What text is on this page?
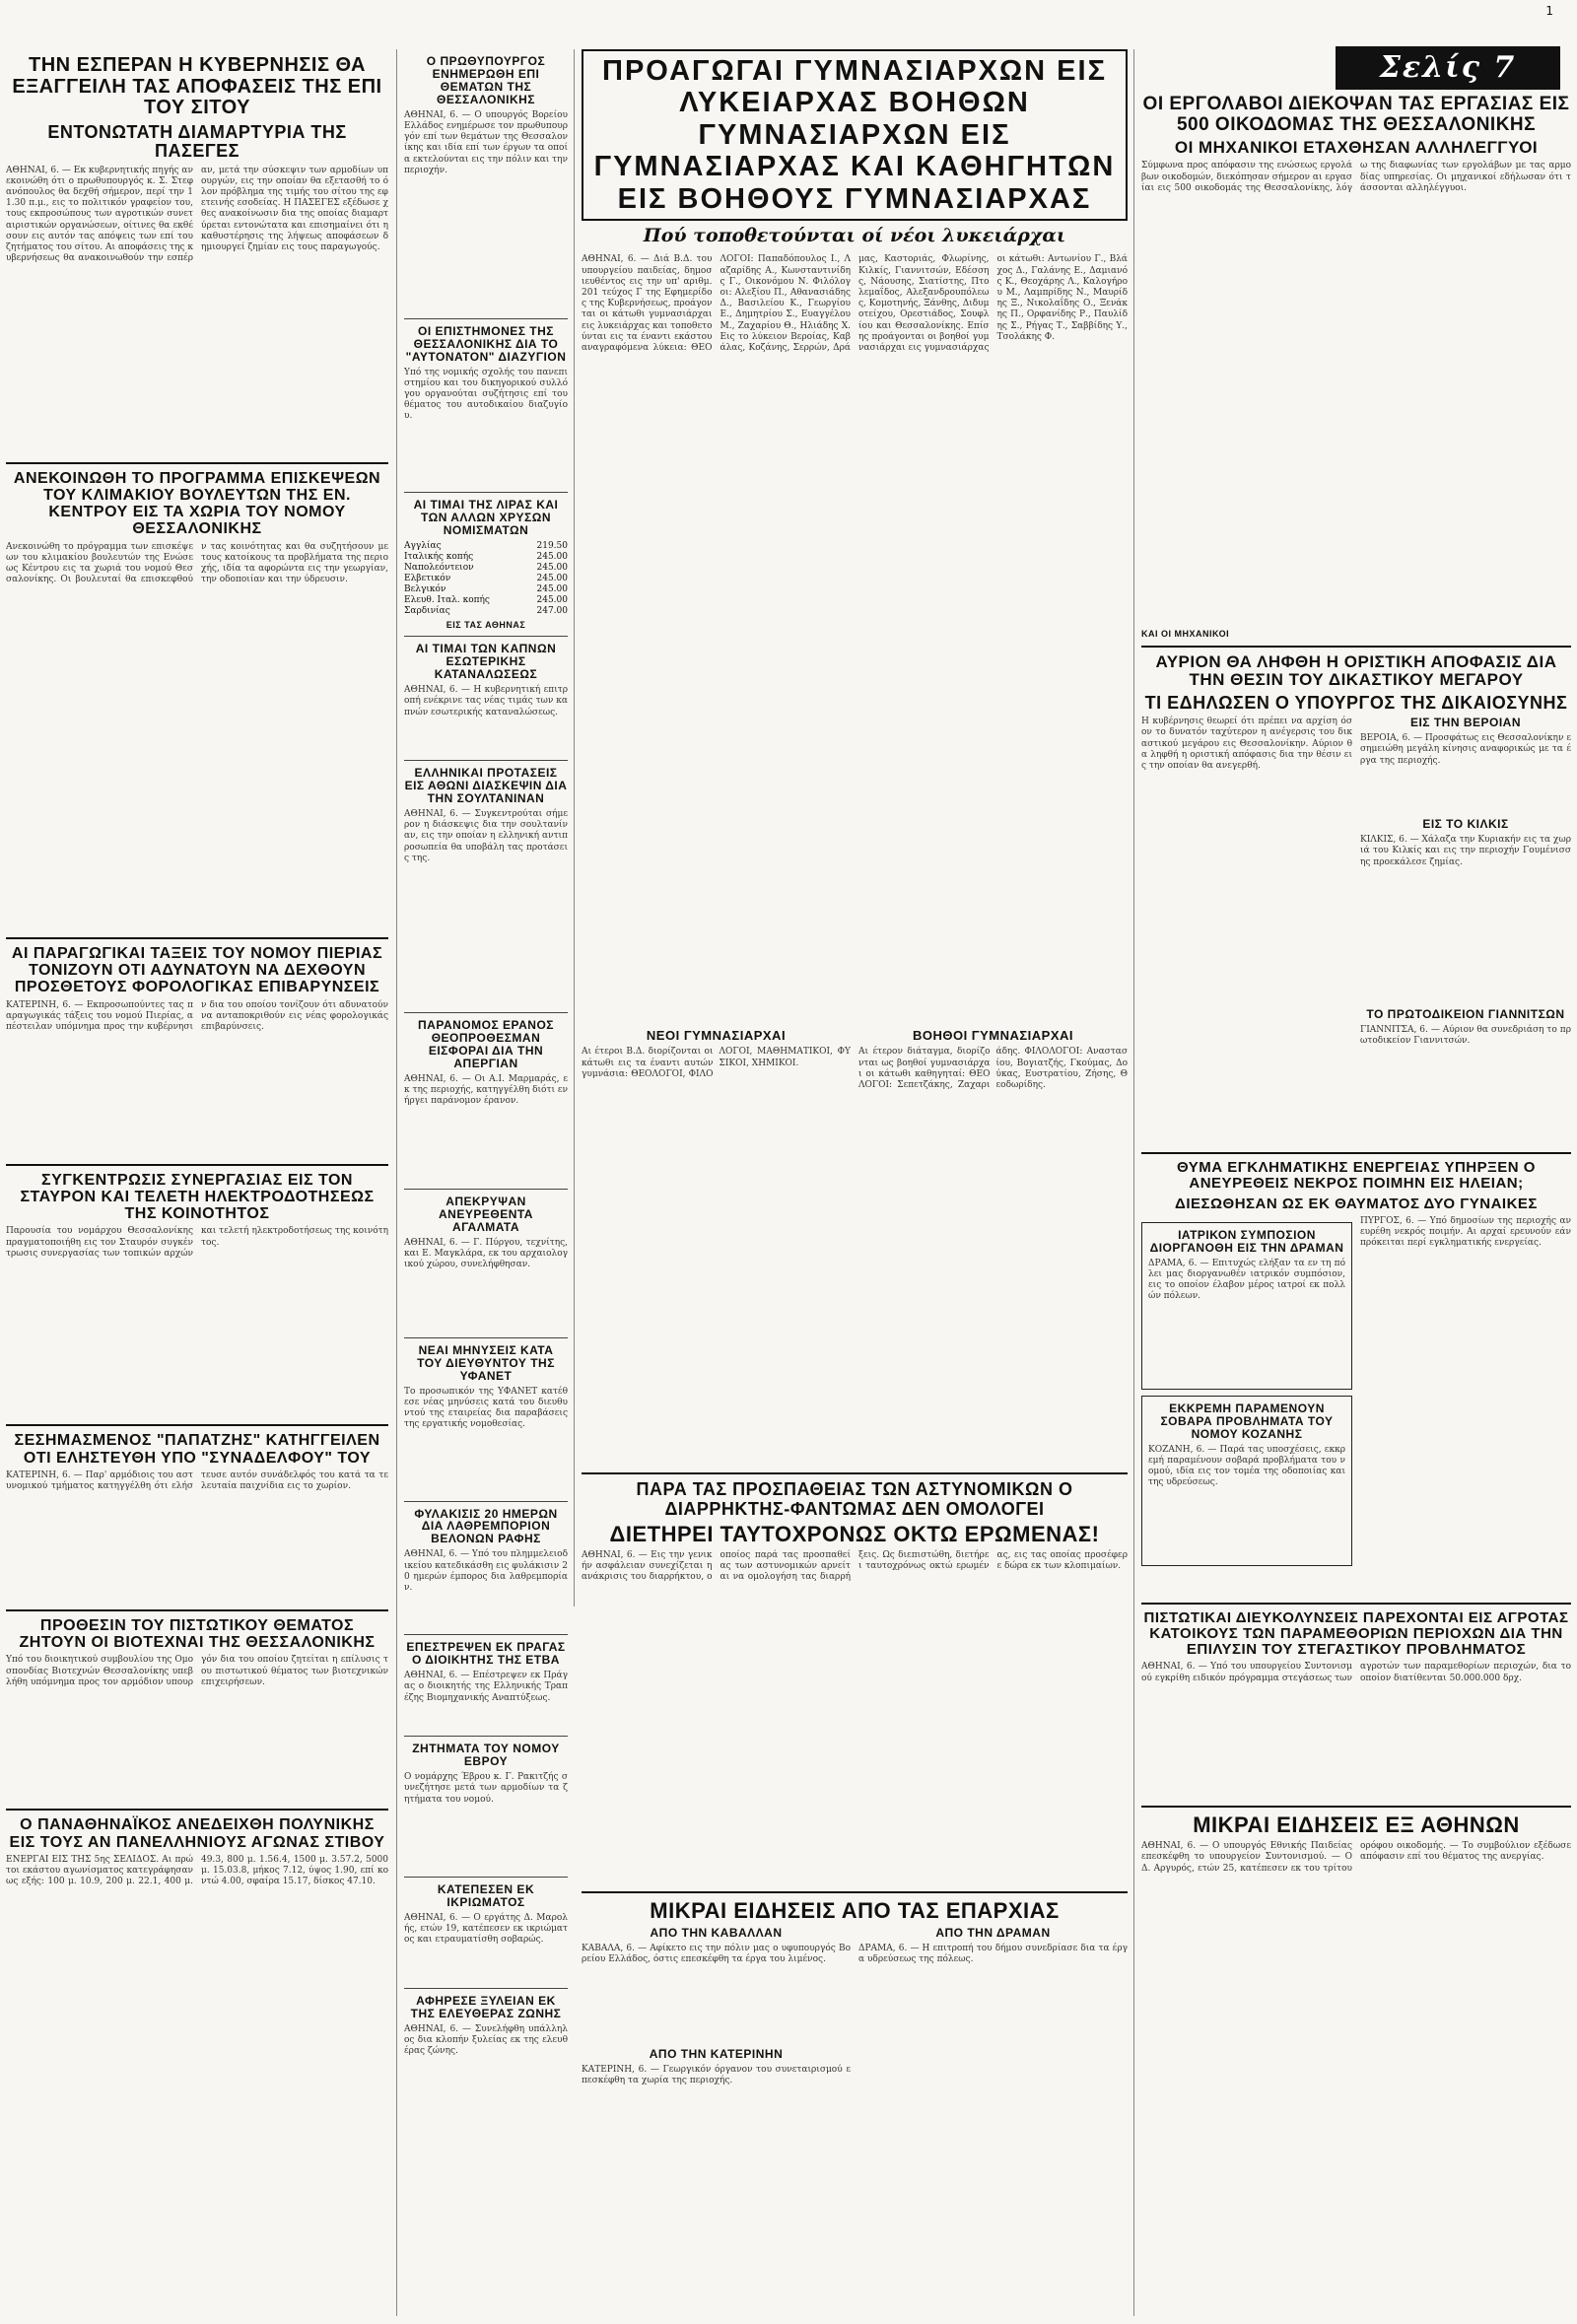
1
ΤΗΝ ΕΣΠΕΡΑΝ Η ΚΥΒΕΡΝΗΣΙΣ ΘΑ ΕΞΑΓΓΕΙΛΗ ΤΑΣ ΑΠΟΦΑΣΕΙΣ ΤΗΣ ΕΠΙ ΤΟΥ ΣΙΤΟΥ
ΕΝΤΟΝΩΤΑΤΗ ΔΙΑΜΑΡΤΥΡΙΑ ΤΗΣ ΠΑΣΕΓΕΣ
ΑΘΗΝΑΙ, 6. — Εκ κυβερνητικής πηγής ανεκοινώθη ότι ο πρωθυπουργός κ. Σ. Στεφανόπουλος θα δεχθή σήμερον, περί την 11.30 π.μ., εις το πολιτικόν γραφείον του, τους εκπροσώπους των αγροτικών συνεταιριστικών οργανώσεων, οίτινες θα εκθέσουν εις αυτόν τας απόψεις των επί του ζητήματος του σίτου. Αι αποφάσεις της κυβερνήσεως θα ανακοινωθούν την εσπέραν, μετά την σύσκεψιν των αρμοδίων υπουργών, εις την οποίαν θα εξετασθή το όλον πρόβλημα της τιμής του σίτου της εφετεινής εσοδείας. Η ΠΑΣΕΓΕΣ εξέδωσε χθες ανακοίνωσιν δια της οποίας διαμαρτύρεται εντονώτατα και επισημαίνει ότι η καθυστέρησις της λήψεως αποφάσεων δημιουργεί ζημίαν εις τους παραγωγούς.
ΑΝΕΚΟΙΝΩΘΗ ΤΟ ΠΡΟΓΡΑΜΜΑ ΕΠΙΣΚΕΨΕΩΝ ΤΟΥ ΚΛΙΜΑΚΙΟΥ ΒΟΥΛΕΥΤΩΝ ΤΗΣ ΕΝ. ΚΕΝΤΡΟΥ ΕΙΣ ΤΑ ΧΩΡΙΑ ΤΟΥ ΝΟΜΟΥ ΘΕΣΣΑΛΟΝΙΚΗΣ
Ανεκοινώθη το πρόγραμμα των επισκέψεων του κλιμακίου βουλευτών της Ενώσεως Κέντρου εις τα χωριά του νομού Θεσσαλονίκης. Οι βουλευταί θα επισκεφθούν τας κοινότητας και θα συζητήσουν με τους κατοίκους τα προβλήματα της περιοχής, ιδία τα αφορώντα εις την γεωργίαν, την οδοποιίαν και την ύδρευσιν.
ΑΙ ΠΑΡΑΓΩΓΙΚΑΙ ΤΑΞΕΙΣ ΤΟΥ ΝΟΜΟΥ ΠΙΕΡΙΑΣ ΤΟΝΙΖΟΥΝ ΟΤΙ ΑΔΥΝΑΤΟΥΝ ΝΑ ΔΕΧΘΟΥΝ ΠΡΟΣΘΕΤΟΥΣ ΦΟΡΟΛΟΓΙΚΑΣ ΕΠΙΒΑΡΥΝΣΕΙΣ
ΚΑΤΕΡΙΝΗ, 6. — Εκπροσωπούντες τας παραγωγικάς τάξεις του νομού Πιερίας, απέστειλαν υπόμνημα προς την κυβέρνησιν δια του οποίου τονίζουν ότι αδυνατούν να ανταποκριθούν εις νέας φορολογικάς επιβαρύνσεις.
ΣΥΓΚΕΝΤΡΩΣΙΣ ΣΥΝΕΡΓΑΣΙΑΣ ΕΙΣ ΤΟΝ ΣΤΑΥΡΟΝ ΚΑΙ ΤΕΛΕΤΗ ΗΛΕΚΤΡΟΔΟΤΗΣΕΩΣ ΤΗΣ ΚΟΙΝΟΤΗΤΟΣ
Παρουσία του νομάρχου Θεσσαλονίκης πραγματοποιήθη εις τον Σταυρόν συγκέντρωσις συνεργασίας των τοπικών αρχών και τελετή ηλεκτροδοτήσεως της κοινότητος.
ΣΕΣΗΜΑΣΜΕΝΟΣ "ΠΑΠΑΤΖΗΣ" ΚΑΤΗΓΓΕΙΛΕΝ ΟΤΙ ΕΛΗΣΤΕΥΘΗ ΥΠΟ "ΣΥΝΑΔΕΛΦΟΥ" ΤΟΥ
ΚΑΤΕΡΙΝΗ, 6. — Παρ' αρμόδιοις του αστυνομικού τμήματος κατηγγέλθη ότι ελήστευσε αυτόν συνάδελφός του κατά τα τελευταία παιχνίδια εις το χωρίον.
ΠΡΟΘΕΣΙΝ ΤΟΥ ΠΙΣΤΩΤΙΚΟΥ ΘΕΜΑΤΟΣ ΖΗΤΟΥΝ ΟΙ ΒΙΟΤΕΧΝΑΙ ΤΗΣ ΘΕΣΣΑΛΟΝΙΚΗΣ
Υπό του διοικητικού συμβουλίου της Ομοσπονδίας Βιοτεχνών Θεσσαλονίκης υπεβλήθη υπόμνημα προς τον αρμόδιον υπουργόν δια του οποίου ζητείται η επίλυσις του πιστωτικού θέματος των βιοτεχνικών επιχειρήσεων.
Ο ΠΑΝΑΘΗΝΑΪΚΟΣ ΑΝΕΔΕΙΧΘΗ ΠΟΛΥΝΙΚΗΣ ΕΙΣ ΤΟΥΣ ΑΝ ΠΑΝΕΛΛΗΝΙΟΥΣ ΑΓΩΝΑΣ ΣΤΙΒΟΥ
ΕΝΕΡΓΑΙ ΕΙΣ ΤΗΣ 5ης ΣΕΛΙΔΟΣ. Αι πρώτοι εκάστου αγωνίσματος κατεγράφησαν ως εξής: 100 μ. 10.9, 200 μ. 22.1, 400 μ. 49.3, 800 μ. 1.56.4, 1500 μ. 3.57.2, 5000 μ. 15.03.8, μήκος 7.12, ύψος 1.90, επί κοντώ 4.00, σφαίρα 15.17, δίσκος 47.10.
Ο ΠΡΩΘΥΠΟΥΡΓΟΣ ΕΝΗΜΕΡΩΘΗ ΕΠΙ ΘΕΜΑΤΩΝ ΤΗΣ ΘΕΣΣΑΛΟΝΙΚΗΣ
ΑΘΗΝΑΙ, 6. — Ο υπουργός Βορείου Ελλάδος ενημέρωσε τον πρωθυπουργόν επί των θεμάτων της Θεσσαλονίκης και ιδία επί των έργων τα οποία εκτελούνται εις την πόλιν και την περιοχήν.
ΟΙ ΕΠΙΣΤΗΜΟΝΕΣ ΤΗΣ ΘΕΣΣΑΛΟΝΙΚΗΣ ΔΙΑ ΤΟ "ΑΥΤΟΝΑΤΟΝ" ΔΙΑΖΥΓΙΟΝ
Υπό της νομικής σχολής του πανεπιστημίου και του δικηγορικού συλλόγου οργανούται συζήτησις επί του θέματος του αυτοδικαίου διαζυγίου.
ΑΙ ΤΙΜΑΙ ΤΗΣ ΛΙΡΑΣ ΚΑΙ ΤΩΝ ΑΛΛΩΝ ΧΡΥΣΩΝ ΝΟΜΙΣΜΑΤΩΝ
Αγγλίας	219.50
Ιταλικής κοπής	245.00
Ναπολεόντειον	245.00
Ελβετικόν	245.00
Βελγικόν	245.00
Ελευθ. Ιταλ. κοπής	245.00
Σαρδινίας	247.00
ΕΙΣ ΤΑΣ ΑΘΗΝΑΣ
ΑΙ ΤΙΜΑΙ ΤΩΝ ΚΑΠΝΩΝ ΕΣΩΤΕΡΙΚΗΣ ΚΑΤΑΝΑΛΩΣΕΩΣ
ΑΘΗΝΑΙ, 6. — Η κυβερνητική επιτροπή ενέκρινε τας νέας τιμάς των καπνών εσωτερικής καταναλώσεως.
ΕΛΛΗΝΙΚΑΙ ΠΡΟΤΑΣΕΙΣ ΕΙΣ ΑΘΩΝΙ ΔΙΑΣΚΕΨΙΝ ΔΙΑ ΤΗΝ ΣΟΥΛΤΑΝΙΝΑΝ
ΑΘΗΝΑΙ, 6. — Συγκεντρούται σήμερον η διάσκεψις δια την σουλτανίναν, εις την οποίαν η ελληνική αντιπροσωπεία θα υποβάλη τας προτάσεις της.
ΠΑΡΑΝΟΜΟΣ ΕΡΑΝΟΣ ΘΕΟΠΡΟΘΕΣΜΑΝ ΕΙΣΦΟΡΑΙ ΔΙΑ ΤΗΝ ΑΠΕΡΓΙΑΝ
ΑΘΗΝΑΙ, 6. — Οι Α.Ι. Μαρμαράς, εκ της περιοχής, κατηγγέλθη διότι ενήργει παράνομον έρανον.
ΑΠΕΚΡΥΨΑΝ ΑΝΕΥΡΕΘΕΝΤΑ ΑΓΑΛΜΑΤΑ
ΑΘΗΝΑΙ, 6. — Γ. Πύργου, τεχνίτης, και Ε. Μαγκλάρα, εκ του αρχαιολογικού χώρου, συνελήφθησαν.
ΝΕΑΙ ΜΗΝΥΣΕΙΣ ΚΑΤΑ ΤΟΥ ΔΙΕΥΘΥΝΤΟΥ ΤΗΣ ΥΦΑΝΕΤ
Το προσωπικόν της ΥΦΑΝΕΤ κατέθεσε νέας μηνύσεις κατά του διευθυντού της εταιρείας δια παραβάσεις της εργατικής νομοθεσίας.
ΦΥΛΑΚΙΣΙΣ 20 ΗΜΕΡΩΝ ΔΙΑ ΛΑΘΡΕΜΠΟΡΙΟΝ ΒΕΛΟΝΩΝ ΡΑΦΗΣ
ΑΘΗΝΑΙ, 6. — Υπό του πλημμελειοδικείου κατεδικάσθη εις φυλάκισιν 20 ημερών έμπορος δια λαθρεμπορίαν.
ΕΠΕΣΤΡΕΨΕΝ ΕΚ ΠΡΑΓΑΣ Ο ΔΙΟΙΚΗΤΗΣ ΤΗΣ ΕΤΒΑ
ΑΘΗΝΑΙ, 6. — Επέστρεψεν εκ Πράγας ο διοικητής της Ελληνικής Τραπέζης Βιομηχανικής Αναπτύξεως.
ΖΗΤΗΜΑΤΑ ΤΟΥ ΝΟΜΟΥ ΕΒΡΟΥ
Ο νομάρχης Έβρου κ. Γ. Ρακιτζής συνεζήτησε μετά των αρμοδίων τα ζητήματα του νομού.
ΚΑΤΕΠΕΣΕΝ ΕΚ ΙΚΡΙΩΜΑΤΟΣ
ΑΘΗΝΑΙ, 6. — Ο εργάτης Δ. Μαρολής, ετών 19, κατέπεσεν εκ ικριώματος και ετραυματίσθη σοβαρώς.
ΑΦΗΡΕΣΕ ΞΥΛΕΙΑΝ ΕΚ ΤΗΣ ΕΛΕΥΘΕΡΑΣ ΖΩΝΗΣ
ΑΘΗΝΑΙ, 6. — Συνελήφθη υπάλληλος δια κλοπήν ξυλείας εκ της ελευθέρας ζώνης.
ΠΡΟΑΓΩΓΑΙ ΓΥΜΝΑΣΙΑΡΧΩΝ ΕΙΣ ΛΥΚΕΙΑΡΧΑΣ ΒΟΗΘΩΝ ΓΥΜΝΑΣΙΑΡΧΩΝ ΕΙΣ ΓΥΜΝΑΣΙΑΡΧΑΣ ΚΑΙ ΚΑΘΗΓΗΤΩΝ ΕΙΣ ΒΟΗΘΟΥΣ ΓΥΜΝΑΣΙΑΡΧΑΣ
Πού τοποθετούνται οί νέοι λυκειάρχαι
ΑΘΗΝΑΙ, 6. — Διά Β.Δ. του υπουργείου παιδείας, δημοσιευθέντος εις την υπ' αριθμ. 201 τεύχος Γ της Εφημερίδος της Κυβερνήσεως, προάγονται οι κάτωθι γυμνασιάρχαι εις λυκειάρχας και τοποθετούνται εις τα έναντι εκάστου αναγραφόμενα λύκεια: ΘΕΟΛΟΓΟΙ: Παπαδόπουλος Ι., Λαζαρίδης Α., Κωνσταντινίδης Γ., Οικονόμου Ν. Φιλόλογοι: Αλεξίου Π., Αθανασιάδης Δ., Βασιλείου Κ., Γεωργίου Ε., Δημητρίου Σ., Ευαγγέλου Μ., Ζαχαρίου Θ., Ηλιάδης Χ. Εις το λύκειον Βεροίας, Καβάλας, Κοζάνης, Σερρών, Δράμας, Καστοριάς, Φλωρίνης, Κιλκίς, Γιαννιτσών, Εδέσσης, Νάουσης, Σιατίστης, Πτολεμαΐδος, Αλεξανδρουπόλεως, Κομοτηνής, Ξάνθης, Διδυμοτείχου, Ορεστιάδος, Σουφλίου και Θεσσαλονίκης. Επίσης προάγονται οι βοηθοί γυμνασιάρχαι εις γυμνασιάρχας οι κάτωθι: Αντωνίου Γ., Βλάχος Δ., Γαλάνης Ε., Δαμιανός Κ., Θεοχάρης Λ., Καλογήρου Μ., Λαμπρίδης Ν., Μαυρίδης Ξ., Νικολαΐδης Ο., Ξενάκης Π., Ορφανίδης Ρ., Παυλίδης Σ., Ρήγας Τ., Σαββίδης Υ., Τσολάκης Φ.
ΝΕΟΙ ΓΥΜΝΑΣΙΑΡΧΑΙ
Αι έτεροι Β.Δ. διορίζονται οι κάτωθι εις τα έναντι αυτών γυμνάσια: ΘΕΟΛΟΓΟΙ, ΦΙΛΟΛΟΓΟΙ, ΜΑΘΗΜΑΤΙΚΟΙ, ΦΥΣΙΚΟΙ, ΧΗΜΙΚΟΙ.
ΒΟΗΘΟΙ ΓΥΜΝΑΣΙΑΡΧΑΙ
Αι έτερον διάταγμα, διορίζονται ως βοηθοί γυμνασιάρχαι οι κάτωθι καθηγηταί: ΘΕΟΛΟΓΟΙ: Σεπετζάκης, Ζαχαριάδης. ΦΙΛΟΛΟΓΟΙ: Αναστασίου, Βογιατζής, Γκούμας, Δούκας, Ευστρατίου, Ζήσης, Θεοδωρίδης.
ΠΑΡΑ ΤΑΣ ΠΡΟΣΠΑΘΕΙΑΣ ΤΩΝ ΑΣΤΥΝΟΜΙΚΩΝ Ο ΔΙΑΡΡΗΚΤΗΣ-ΦΑΝΤΩΜΑΣ ΔΕΝ ΟΜΟΛΟΓΕΙ
ΔΙΕΤΗΡΕΙ ΤΑΥΤΟΧΡΟΝΩΣ ΟΚΤΩ ΕΡΩΜΕΝΑΣ!
ΑΘΗΝΑΙ, 6. — Εις την γενικήν ασφάλειαν συνεχίζεται η ανάκρισις του διαρρήκτου, ο οποίος παρά τας προσπαθείας των αστυνομικών αρνείται να ομολογήση τας διαρρήξεις. Ως διεπιστώθη, διετήρει ταυτοχρόνως οκτώ ερωμένας, εις τας οποίας προσέφερε δώρα εκ των κλοπιμαίων.
ΜΙΚΡΑΙ ΕΙΔΗΣΕΙΣ ΑΠΟ ΤΑΣ ΕΠΑΡΧΙΑΣ
ΑΠΟ ΤΗΝ ΚΑΒΑΛΛΑΝ
ΚΑΒΑΛΑ, 6. — Αφίκετο εις την πόλιν μας ο υφυπουργός Βορείου Ελλάδος, όστις επεσκέφθη τα έργα του λιμένος.
ΑΠΟ ΤΗΝ ΚΑΤΕΡΙΝΗΝ
ΚΑΤΕΡΙΝΗ, 6. — Γεωργικόν όργανον του συνεταιρισμού επεσκέφθη τα χωρία της περιοχής.
ΑΠΟ ΤΗΝ ΔΡΑΜΑΝ
ΔΡΑΜΑ, 6. — Η επιτροπή του δήμου συνεδρίασε δια τα έργα υδρεύσεως της πόλεως.
Σελίς 7
ΟΙ ΕΡΓΟΛΑΒΟΙ ΔΙΕΚΟΨΑΝ ΤΑΣ ΕΡΓΑΣΙΑΣ ΕΙΣ 500 ΟΙΚΟΔΟΜΑΣ ΤΗΣ ΘΕΣΣΑΛΟΝΙΚΗΣ
ΟΙ ΜΗΧΑΝΙΚΟΙ ΕΤΑΧΘΗΣΑΝ ΑΛΛΗΛΕΓΓΥΟΙ
Σύμφωνα προς απόφασιν της ενώσεως εργολάβων οικοδομών, διεκόπησαν σήμερον αι εργασίαι εις 500 οικοδομάς της Θεσσαλονίκης, λόγω της διαφωνίας των εργολάβων με τας αρμοδίας υπηρεσίας. Οι μηχανικοί εδήλωσαν ότι τάσσονται αλληλέγγυοι.
ΚΑΙ ΟΙ ΜΗΧΑΝΙΚΟΙ
ΑΥΡΙΟΝ ΘΑ ΛΗΦΘΗ Η ΟΡΙΣΤΙΚΗ ΑΠΟΦΑΣΙΣ ΔΙΑ ΤΗΝ ΘΕΣΙΝ ΤΟΥ ΔΙΚΑΣΤΙΚΟΥ ΜΕΓΑΡΟΥ
ΤΙ ΕΔΗΛΩΣΕΝ Ο ΥΠΟΥΡΓΟΣ ΤΗΣ ΔΙΚΑΙΟΣΥΝΗΣ
Η κυβέρνησις θεωρεί ότι πρέπει να αρχίση όσον το δυνατόν ταχύτερον η ανέγερσις του δικαστικού μεγάρου εις Θεσσαλονίκην. Αύριον θα ληφθή η οριστική απόφασις δια την θέσιν εις την οποίαν θα ανεγερθή.
ΕΙΣ ΤΗΝ ΒΕΡΟΙΑΝ
ΒΕΡΟΙΑ, 6. — Προσφάτως εις Θεσσαλονίκην εσημειώθη μεγάλη κίνησις αναφορικώς με τα έργα της περιοχής.
ΕΙΣ ΤΟ ΚΙΛΚΙΣ
ΚΙΛΚΙΣ, 6. — Χάλαζα την Κυριακήν εις τα χωριά του Κιλκίς και εις την περιοχήν Γουμένισσης προεκάλεσε ζημίας.
ΤΟ ΠΡΩΤΟΔΙΚΕΙΟΝ ΓΙΑΝΝΙΤΣΩΝ
ΓΙΑΝΝΙΤΣΑ, 6. — Αύριον θα συνεδριάση το πρωτοδικείον Γιαννιτσών.
ΘΥΜΑ ΕΓΚΛΗΜΑΤΙΚΗΣ ΕΝΕΡΓΕΙΑΣ ΥΠΗΡΞΕΝ Ο ΑΝΕΥΡΕΘΕΙΣ ΝΕΚΡΟΣ ΠΟΙΜΗΝ ΕΙΣ ΗΛΕΙΑΝ;
ΔΙΕΣΩΘΗΣΑΝ ΩΣ ΕΚ ΘΑΥΜΑΤΟΣ ΔΥΟ ΓΥΝΑΙΚΕΣ
ΙΑΤΡΙΚΟΝ ΣΥΜΠΟΣΙΟΝ ΔΙΟΡΓΑΝΟΘΗ ΕΙΣ ΤΗΝ ΔΡΑΜΑΝ
ΔΡΑΜΑ, 6. — Επιτυχώς ελήξαν τα εν τη πόλει μας διοργανωθέν ιατρικόν συμπόσιον, εις το οποίον έλαβον μέρος ιατροί εκ πολλών πόλεων.
ΕΚΚΡΕΜΗ ΠΑΡΑΜΕΝΟΥΝ ΣΟΒΑΡΑ ΠΡΟΒΛΗΜΑΤΑ ΤΟΥ ΝΟΜΟΥ ΚΟΖΑΝΗΣ
ΚΟΖΑΝΗ, 6. — Παρά τας υποσχέσεις, εκκρεμή παραμένουν σοβαρά προβλήματα του νομού, ιδία εις τον τομέα της οδοποιίας και της υδρεύσεως.
ΠΥΡΓΟΣ, 6. — Υπό δημοσίων της περιοχής ανευρέθη νεκρός ποιμήν. Αι αρχαί ερευνούν εάν πρόκειται περί εγκληματικής ενεργείας.
ΠΙΣΤΩΤΙΚΑΙ ΔΙΕΥΚΟΛΥΝΣΕΙΣ ΠΑΡΕΧΟΝΤΑΙ ΕΙΣ ΑΓΡΟΤΑΣ ΚΑΤΟΙΚΟΥΣ ΤΩΝ ΠΑΡΑΜΕΘΟΡΙΩΝ ΠΕΡΙΟΧΩΝ ΔΙΑ ΤΗΝ ΕΠΙΛΥΣΙΝ ΤΟΥ ΣΤΕΓΑΣΤΙΚΟΥ ΠΡΟΒΛΗΜΑΤΟΣ
ΑΘΗΝΑΙ, 6. — Υπό του υπουργείου Συντονισμού εγκρίθη ειδικόν πρόγραμμα στεγάσεως των αγροτών των παραμεθορίων περιοχών, δια το οποίον διατίθενται 50.000.000 δρχ.
ΜΙΚΡΑΙ ΕΙΔΗΣΕΙΣ ΕΞ ΑΘΗΝΩΝ
ΑΘΗΝΑΙ, 6. — Ο υπουργός Εθνικής Παιδείας επεσκέφθη το υπουργείον Συντονισμού. — Ο Δ. Αργυρός, ετών 25, κατέπεσεν εκ του τρίτου ορόφου οικοδομής. — Το συμβούλιον εξέδωσε απόφασιν επί του θέματος της ανεργίας.
